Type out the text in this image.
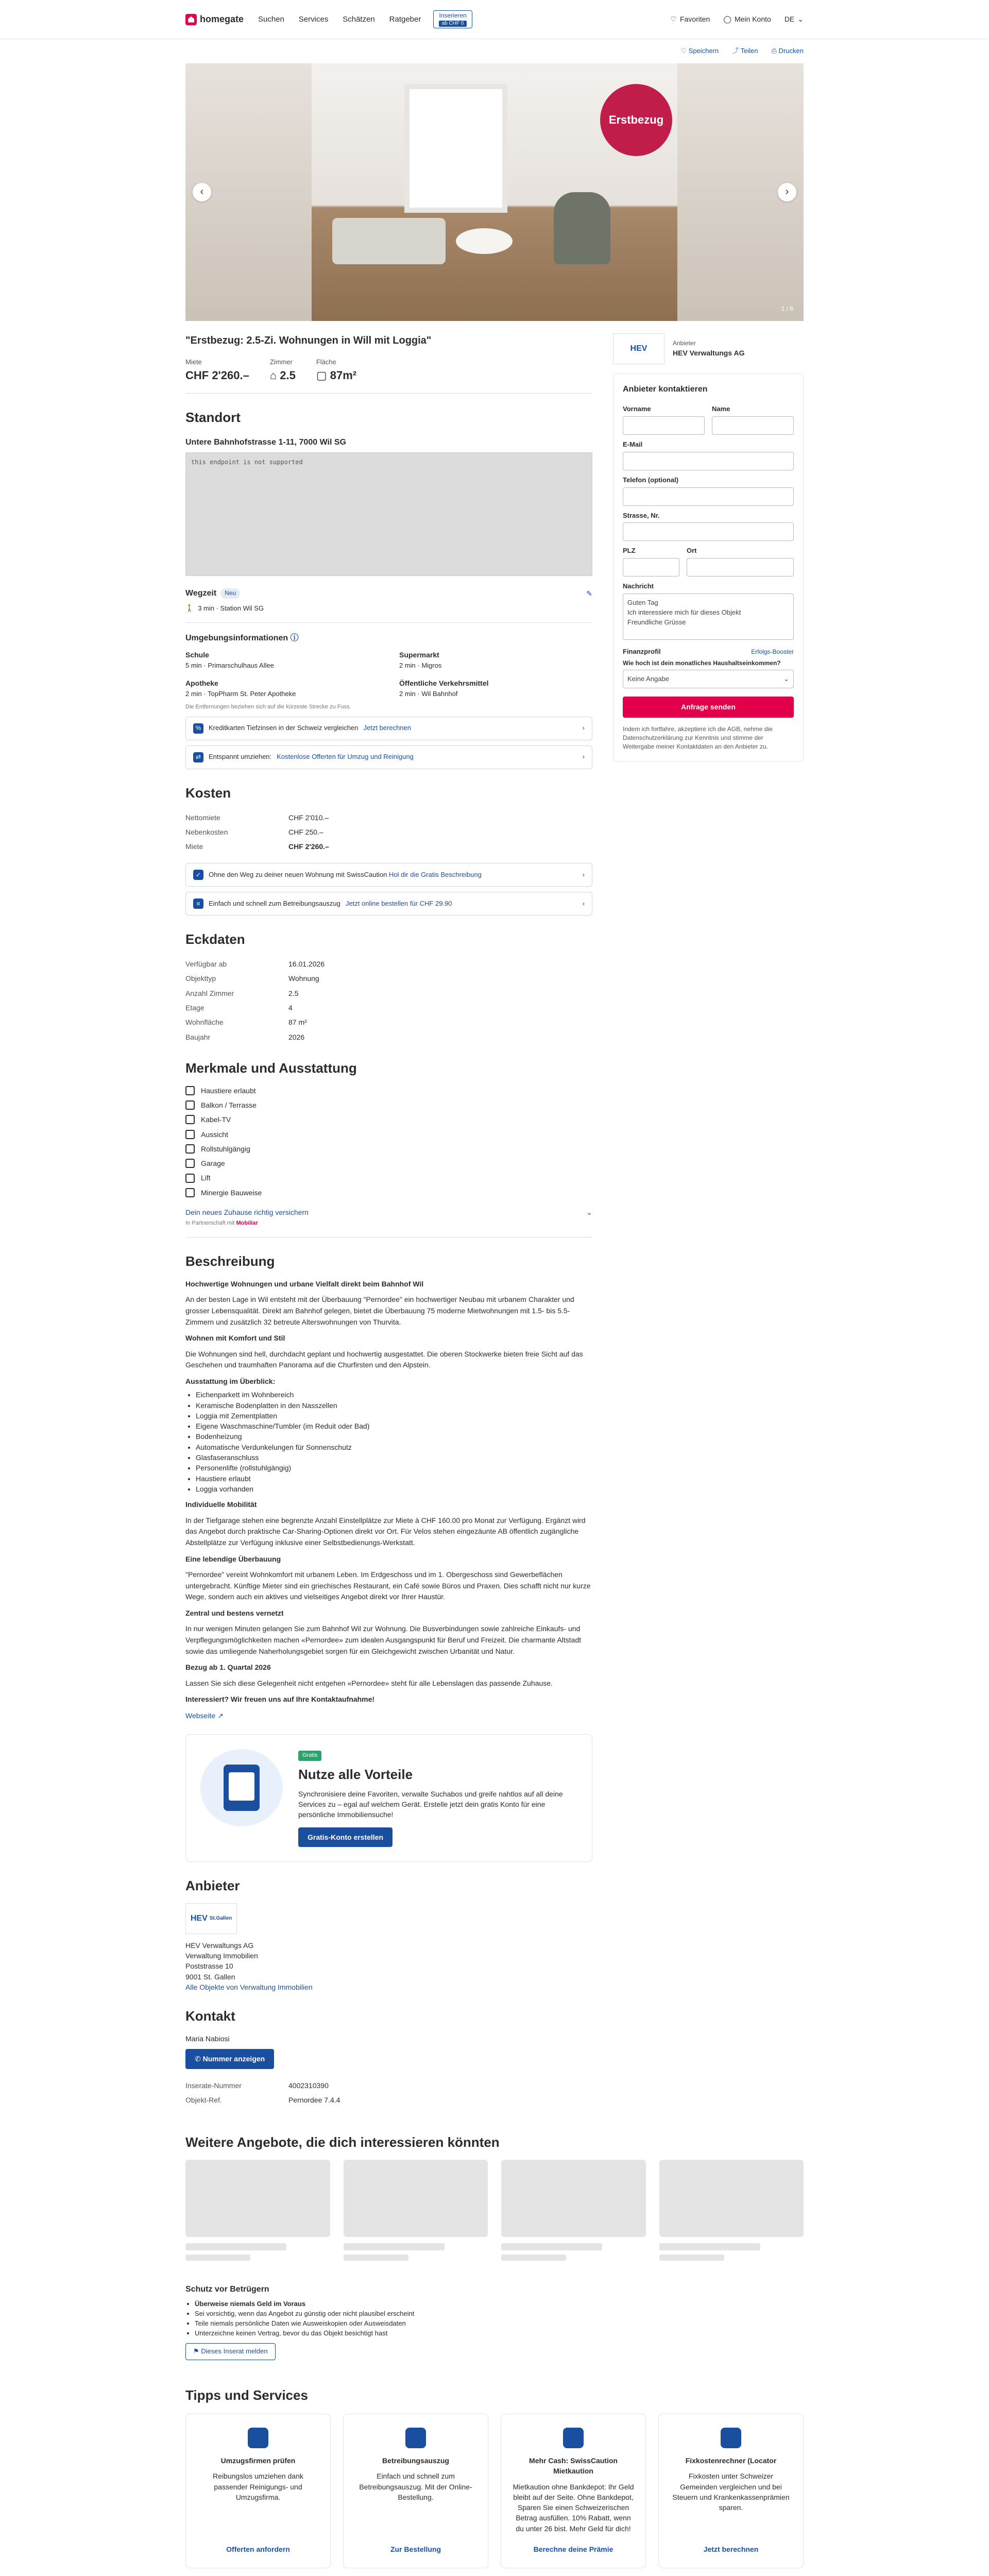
homegate Suchen Services Schätzen Ratgeber	Inserieren
ab CHF 0	♡ Favoriten ◯ Mein Konto DE ⌄
♡ Speichern ⤴ Teilen ⎙ Drucken
Erstbezug
‹	›
1 / 6
"Erstbezug: 2.5-Zi. Wohnungen in Will mit Loggia"
Miete
CHF 2'260.–
Zimmer
⌂ 2.5
Fläche
▢ 87m²
Standort
Untere Bahnhofstrasse 1-11, 7000 Wil SG
this endpoint is not supported
Wegzeit	Neu	✎
🚶 3 min · Station Wil SG
Umgebungsinformationen ⓘ
Schule
5 min · Primarschulhaus Allee
Supermarkt
2 min · Migros
Apotheke
2 min · TopPharm St. Peter Apotheke
Öffentliche Verkehrsmittel
2 min · Wil Bahnhof
Die Entfernungen beziehen sich auf die kürzeste Strecke zu Fuss.
%	Kreditkarten Tiefzinsen in der Schweiz vergleichen Jetzt berechnen	›
⇄	Entspannt umziehen: Kostenlose Offerten für Umzug und Reinigung	›
Kosten
Nettomiete	CHF 2'010.–
Nebenkosten	CHF 250.–
Miete	CHF 2'260.–
✓	Ohne den Weg zu deiner neuen Wohnung mit SwissCaution Hol dir die Gratis Beschreibung	›
≡	Einfach und schnell zum Betreibungsauszug Jetzt online bestellen für CHF 29.90	›
Eckdaten
Verfügbar ab	16.01.2026
Objekttyp	Wohnung
Anzahl Zimmer	2.5
Etage	4
Wohnfläche	87 m²
Baujahr	2026
Merkmale und Ausstattung
Haustiere erlaubt
Balkon / Terrasse
Kabel-TV
Aussicht
Rollstuhlgängig
Garage
Lift
Minergie Bauweise
Dein neues Zuhause richtig versichern	⌄
In Partnerschaft mit Mobiliar
Beschreibung
Hochwertige Wohnungen und urbane Vielfalt direkt beim Bahnhof Wil

An der besten Lage in Wil entsteht mit der Überbauung "Pernordee" ein hochwertiger Neubau mit urbanem Charakter und grosser Lebensqualität. Direkt am Bahnhof gelegen, bietet die Überbauung 75 moderne Mietwohnungen mit 1.5- bis 5.5-Zimmern und zusätzlich 32 betreute Alterswohnungen von Thurvita.

Wohnen mit Komfort und Stil

Die Wohnungen sind hell, durchdacht geplant und hochwertig ausgestattet. Die oberen Stockwerke bieten freie Sicht auf das Geschehen und traumhaften Panorama auf die Churfirsten und den Alpstein.

Ausstattung im Überblick:
• Eichenparkett im Wohnbereich
• Keramische Bodenplatten in den Nasszellen
• Loggia mit Zementplatten
• Eigene Waschmaschine/Tumbler (im Reduit oder Bad)
• Bodenheizung
• Automatische Verdunkelungen für Sonnenschutz
• Glasfaseranschluss
• Personenlifte (rollstuhlgängig)
• Haustiere erlaubt
• Loggia vorhanden
Individuelle Mobilität

In der Tiefgarage stehen eine begrenzte Anzahl Einstellplätze zur Miete à CHF 160.00 pro Monat zur Verfügung. Ergänzt wird das Angebot durch praktische Car-Sharing-Optionen direkt vor Ort. Für Velos stehen eingezäunte AB öffentlich zugängliche Abstellplätze zur Verfügung inklusive einer Selbstbedienungs-Werkstatt.

Eine lebendige Überbauung

"Pernordee" vereint Wohnkomfort mit urbanem Leben. Im Erdgeschoss und im 1. Obergeschoss sind Gewerbeflächen untergebracht. Künftige Mieter sind ein griechisches Restaurant, ein Café sowie Büros und Praxen. Dies schafft nicht nur kurze Wege, sondern auch ein aktives und vielseitiges Angebot direkt vor Ihrer Haustür.

Zentral und bestens vernetzt

In nur wenigen Minuten gelangen Sie zum Bahnhof Wil zur Wohnung. Die Busverbindungen sowie zahlreiche Einkaufs- und Verpflegungsmöglichkeiten machen «Pernordee» zum idealen Ausgangspunkt für Beruf und Freizeit. Die charmante Altstadt sowie das umliegende Naherholungsgebiet sorgen für ein Gleichgewicht zwischen Urbanität und Natur.

Bezug ab 1. Quartal 2026

Lassen Sie sich diese Gelegenheit nicht entgehen «Pernordee» steht für alle Lebenslagen das passende Zuhause.

Interessiert? Wir freuen uns auf Ihre Kontaktaufnahme!

Webseite ↗
Gratis
Nutze alle Vorteile

Synchronisiere deine Favoriten, verwalte Suchabos und greife nahtlos auf all deine Services zu – egal auf welchem Gerät. Erstelle jetzt dein gratis Konto für eine persönliche Immobiliensuche!

Gratis-Konto erstellen
Anbieter
HEV St.Gallen
HEV Verwaltungs AG
Verwaltung Immobilien
Poststrasse 10
9001 St. Gallen
Alle Objekte von Verwaltung Immobilien
Kontakt
Maria Nabiosi
✆ Nummer anzeigen
Inserate-Nummer	4002310390
Objekt-Ref.	Pernordee 7.4.4
HEV
Anbieter
HEV Verwaltungs AG
Anbieter kontaktieren
Vorname	Name
E-Mail
Telefon (optional)
Strasse, Nr.
PLZ	Ort
Nachricht
Guten Tag
Ich interessiere mich für dieses Objekt
Freundliche Grüsse
Finanzprofil	Erfolgs-Booster
Wie hoch ist dein monatliches Haushaltseinkommen?
Keine Angabe	⌄
Anfrage senden
Indem ich fortfahre, akzeptiere ich die AGB, nehme die Datenschutzerklärung zur Kenntnis und stimme der Weitergabe meiner Kontaktdaten an den Anbieter zu.
Weitere Angebote, die dich interessieren könnten
Schutz vor Betrügern
• Überweise niemals Geld im Voraus
• Sei vorsichtig, wenn das Angebot zu günstig oder nicht plausibel erscheint
• Teile niemals persönliche Daten wie Ausweiskopien oder Ausweisdaten
• Unterzeichne keinen Vertrag, bevor du das Objekt besichtigt hast
⚑ Dieses Inserat melden
Tipps und Services
Umzugsfirmen prüfen

Reibungslos umziehen dank passender Reinigungs- und Umzugsfirma.

Offerten anfordern
Betreibungsauszug

Einfach und schnell zum Betreibungsauszug. Mit der Online-Bestellung.

Zur Bestellung
Mehr Cash: SwissCaution Mietkaution

Mietkaution ohne Bankdepot: Ihr Geld bleibt auf der Seite. Ohne Bankdepot, Sparen Sie einen Schweizerischen Betrag ausfüllen. 10% Rabatt, wenn du unter 26 bist. Mehr Geld für dich!

Berechne deine Prämie
Fixkostenrechner (Locator

Fixkosten unter Schweizer Gemeinden vergleichen und bei Steuern und Krankenkassenprämien sparen.

Jetzt berechnen
